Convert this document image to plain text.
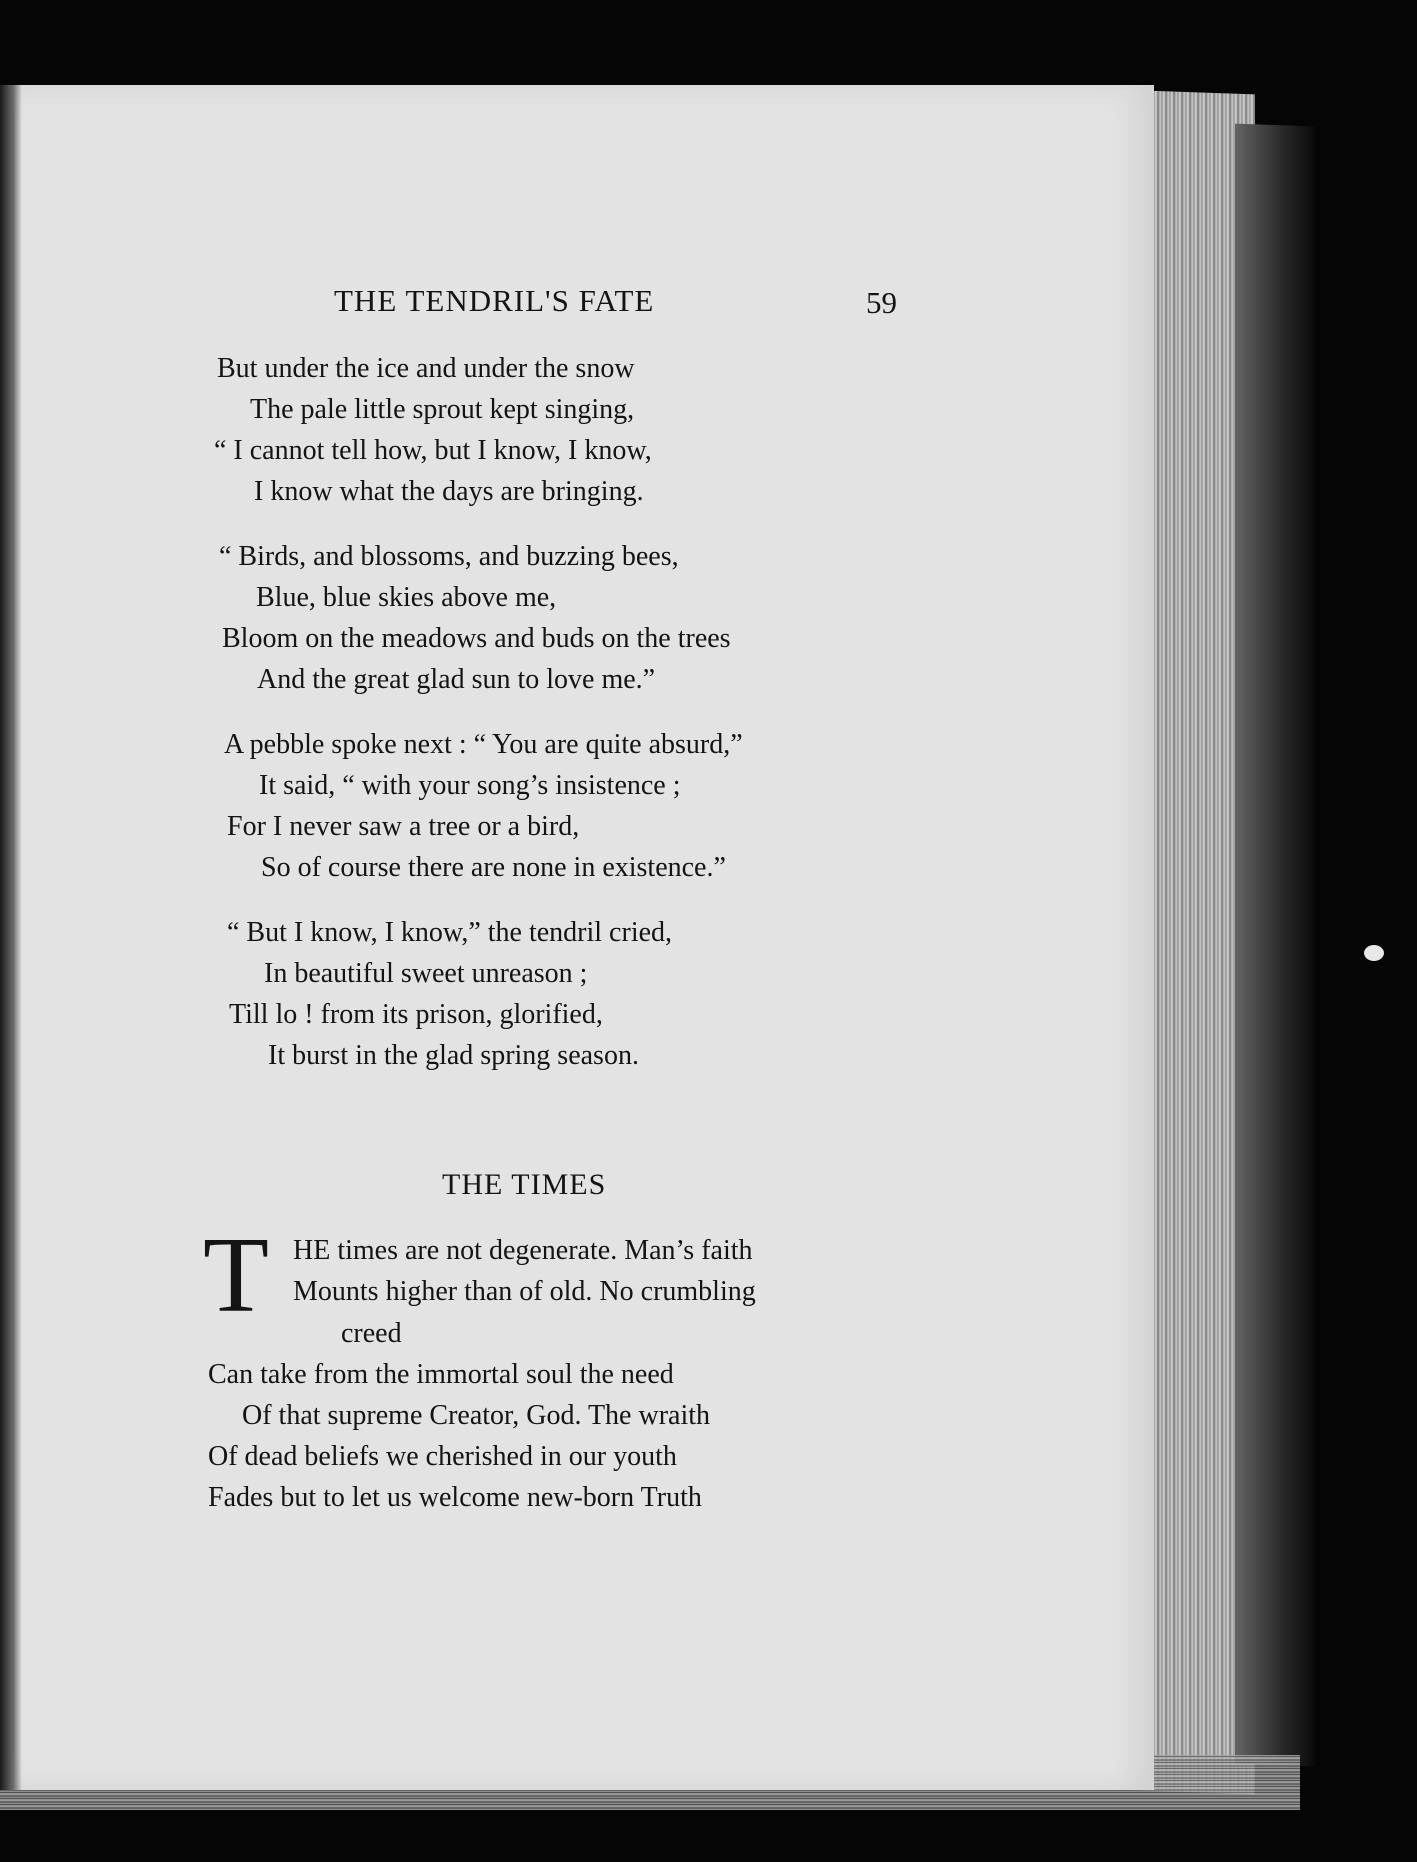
THE TENDRIL'S FATE	59
But under the ice and under the snow
The pale little sprout kept singing,
“ I cannot tell how, but I know, I know,
I know what the days are bringing.
“ Birds, and blossoms, and buzzing bees,
Blue, blue skies above me,
Bloom on the meadows and buds on the trees
And the great glad sun to love me.”
A pebble spoke next : “ You are quite absurd,”
It said, “ with your song’s insistence ;
For I never saw a tree or a bird,
So of course there are none in existence.”
“ But I know, I know,” the tendril cried,
In beautiful sweet unreason ;
Till lo ! from its prison, glorified,
It burst in the glad spring season.
THE TIMES
T HE times are not degenerate. Man’s faith
Mounts higher than of old. No crumbling
creed
Can take from the immortal soul the need
Of that supreme Creator, God. The wraith
Of dead beliefs we cherished in our youth
Fades but to let us welcome new-born Truth
